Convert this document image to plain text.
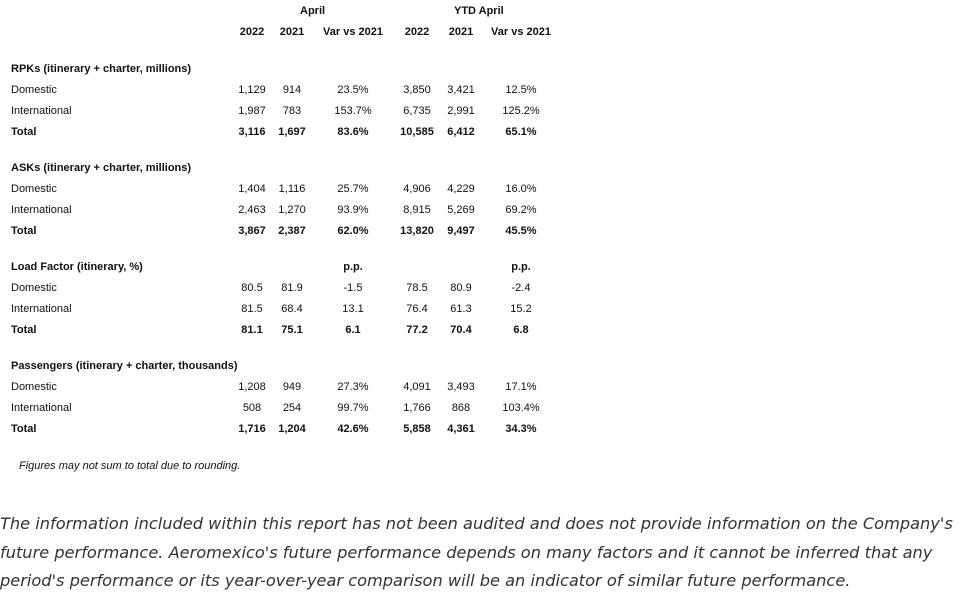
April	YTD April
2022	2021	Var vs 2021	2022	2021	Var vs 2021
RPKs (itinerary + charter, millions)
Domestic	1,129	914	23.5%	3,850	3,421	12.5%
International	1,987	783	153.7%	6,735	2,991	125.2%
Total	3,116	1,697	83.6%	10,585	6,412	65.1%
ASKs (itinerary + charter, millions)
Domestic	1,404	1,116	25.7%	4,906	4,229	16.0%
International	2,463	1,270	93.9%	8,915	5,269	69.2%
Total	3,867	2,387	62.0%	13,820	9,497	45.5%
Load Factor (itinerary, %)	p.p.	p.p.
Domestic	80.5	81.9	-1.5	78.5	80.9	-2.4
International	81.5	68.4	13.1	76.4	61.3	15.2
Total	81.1	75.1	6.1	77.2	70.4	6.8
Passengers (itinerary + charter, thousands)
Domestic	1,208	949	27.3%	4,091	3,493	17.1%
International	508	254	99.7%	1,766	868	103.4%
Total	1,716	1,204	42.6%	5,858	4,361	34.3%
Figures may not sum to total due to rounding.
The information included within this report has not been audited and does not provide information on the Company's future performance. Aeromexico's future performance depends on many factors and it cannot be inferred that any period's performance or its year-over-year comparison will be an indicator of similar future performance.
